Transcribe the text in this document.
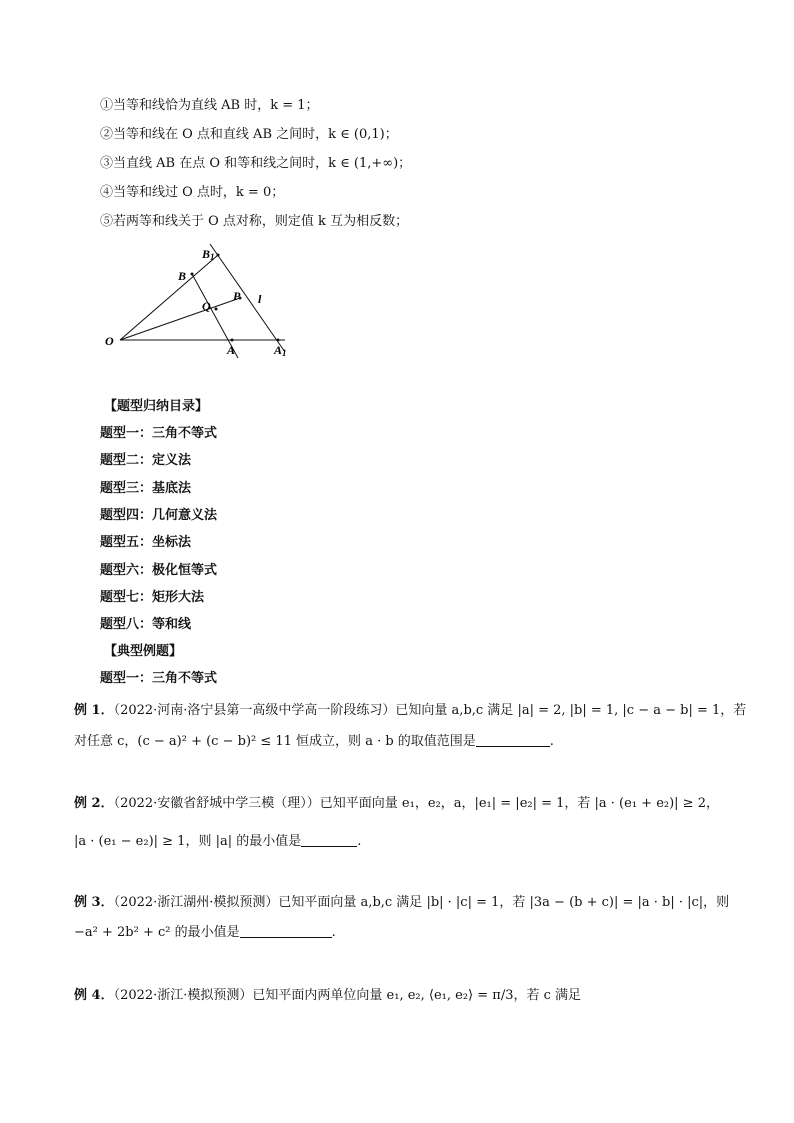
①当等和线恰为直线 AB 时，k = 1；
②当等和线在 O 点和直线 AB 之间时，k ∈ (0,1)；
③当直线 AB 在点 O 和等和线之间时，k ∈ (1,+∞)；
④当等和线过 O 点时，k = 0；
⑤若两等和线关于 O 点对称，则定值 k 互为相反数；
O
A	A1
B
B1
Q
P l
【题型归纳目录】
题型一：三角不等式
题型二：定义法
题型三：基底法
题型四：几何意义法
题型五：坐标法
题型六：极化恒等式
题型七：矩形大法
题型八：等和线
【典型例题】
题型一：三角不等式
例 1．（2022·河南·洛宁县第一高级中学高一阶段练习）已知向量 a,b,c 满足 |a| = 2, |b| = 1, |c − a − b| = 1，若
对任意 c，(c − a)² + (c − b)² ≤ 11 恒成立，则 a · b 的取值范围是	.
例 2．（2022·安徽省舒城中学三模（理））已知平面向量 e₁，e₂，a，|e₁| = |e₂| = 1，若 |a · (e₁ + e₂)| ≥ 2，
|a · (e₁ − e₂)| ≥ 1，则 |a| 的最小值是	.
例 3．（2022·浙江湖州·模拟预测）已知平面向量 a,b,c 满足 |b| · |c| = 1，若 |3a − (b + c)| = |a · b| · |c|，则
−a² + 2b² + c² 的最小值是	.
例 4．（2022·浙江·模拟预测）已知平面内两单位向量 e₁, e₂, ⟨e₁, e₂⟩ = π/3，若 c 满足
